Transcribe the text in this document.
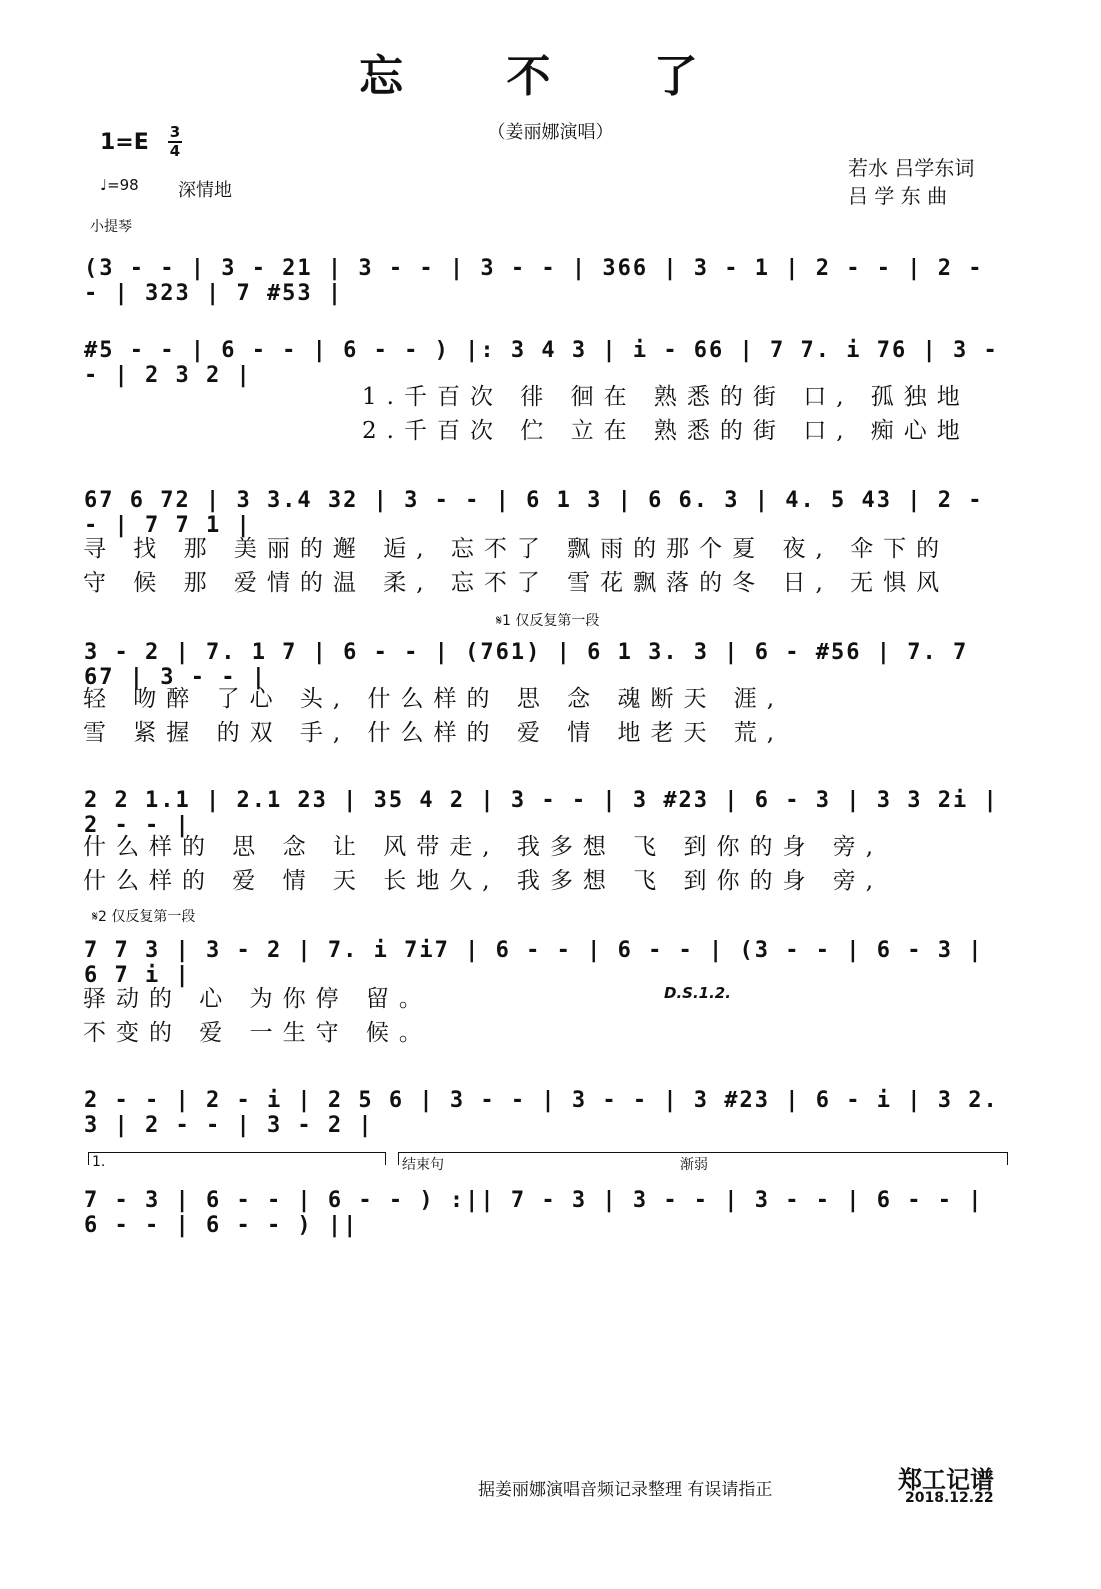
忘 不 了
（姜丽娜演唱）
1=E 3
4
♩=98 深情地
若水 吕学东词
吕 学 东 曲
小提琴
(3 - - | 3 - 21 | 3 - - | 3 - - | 366 | 3 - 1 | 2 - - | 2 - - | 323 | 7 #53 |
#5 - - | 6 - - | 6 - - ) |: 3 4 3 | i - 66 | 7 7. i 76 | 3 - - | 2 3 2 |
1.千百次 徘 徊在 熟悉的街 口, 孤独地
2.千百次 伫 立在 熟悉的街 口, 痴心地
67 6 72 | 3 3.4 32 | 3 - - | 6 1 3 | 6 6. 3 | 4. 5 43 | 2 - - | 7 7 1 |
寻 找 那 美丽的邂 逅, 忘不了 飘雨的那个夏 夜, 伞下的
守 候 那 爱情的温 柔, 忘不了 雪花飘落的冬 日, 无惧风
𝄋1 仅反复第一段
3 - 2 | 7. 1 7 | 6 - - | (761) | 6 1 3. 3 | 6 - #56 | 7. 7 67 | 3 - - |
轻 吻醉 了心 头, 什么样的 思 念 魂断天 涯,
雪 紧握 的双 手, 什么样的 爱 情 地老天 荒,
2 2 1.1 | 2.1 23 | 35 4 2 | 3 - - | 3 #23 | 6 - 3 | 3 3 2i | 2 - - |
什么样的 思 念 让 风带走, 我多想 飞 到你的身 旁,
什么样的 爱 情 天 长地久, 我多想 飞 到你的身 旁,
𝄋2 仅反复第一段
7 7 3 | 3 - 2 | 7. i 7i7 | 6 - - | 6 - - | (3 - - | 6 - 3 | 6 7 i |
驿动的 心 为你停 留。
不变的 爱 一生守 候。
D.S.1.2.
2 - - | 2 - i | 2 5 6 | 3 - - | 3 - - | 3 #23 | 6 - i | 3 2. 3 | 2 - - | 3 - 2 |
1.	结束句	渐弱
7 - 3 | 6 - - | 6 - - ) :|| 7 - 3 | 3 - - | 3 - - | 6 - - | 6 - - | 6 - - ) ||
据姜丽娜演唱音频记录整理 有误请指正	郑工记谱
2018.12.22
